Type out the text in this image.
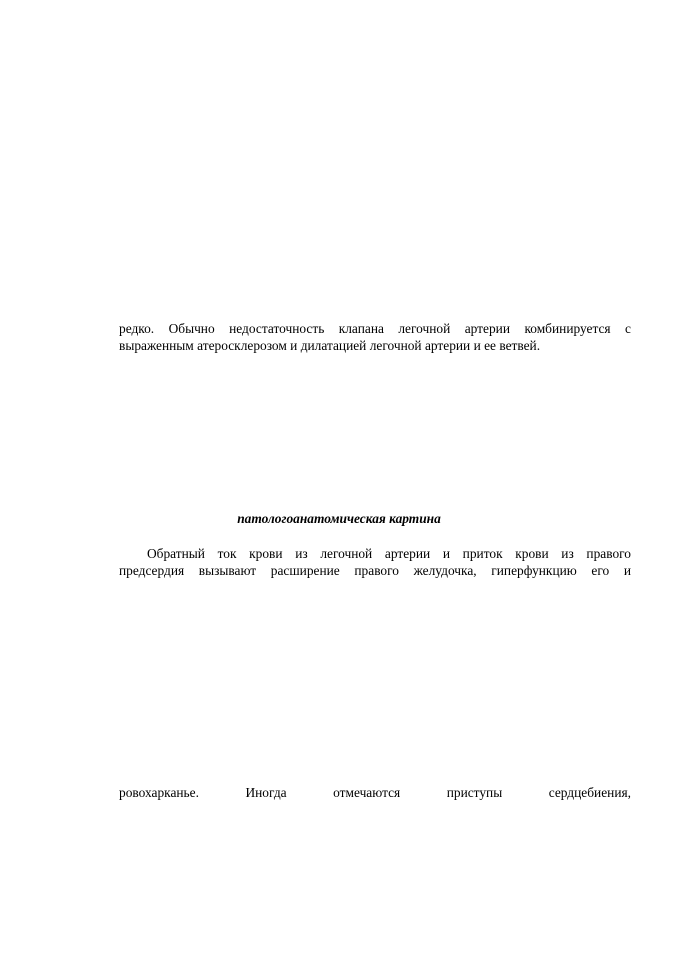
редко. Обычно недостаточность клапана легочной артерии комбинируется с
выраженным атеросклерозом и дилатацией легочной артерии и ее ветвей.
патологоанатомическая картина
Обратный ток крови из легочной артерии и приток крови из правого
предсердия вызывают расширение правого желудочка, гиперфункцию его и
ровохарканье.	Иногда	отмечаются	приступы	сердцебиения,
